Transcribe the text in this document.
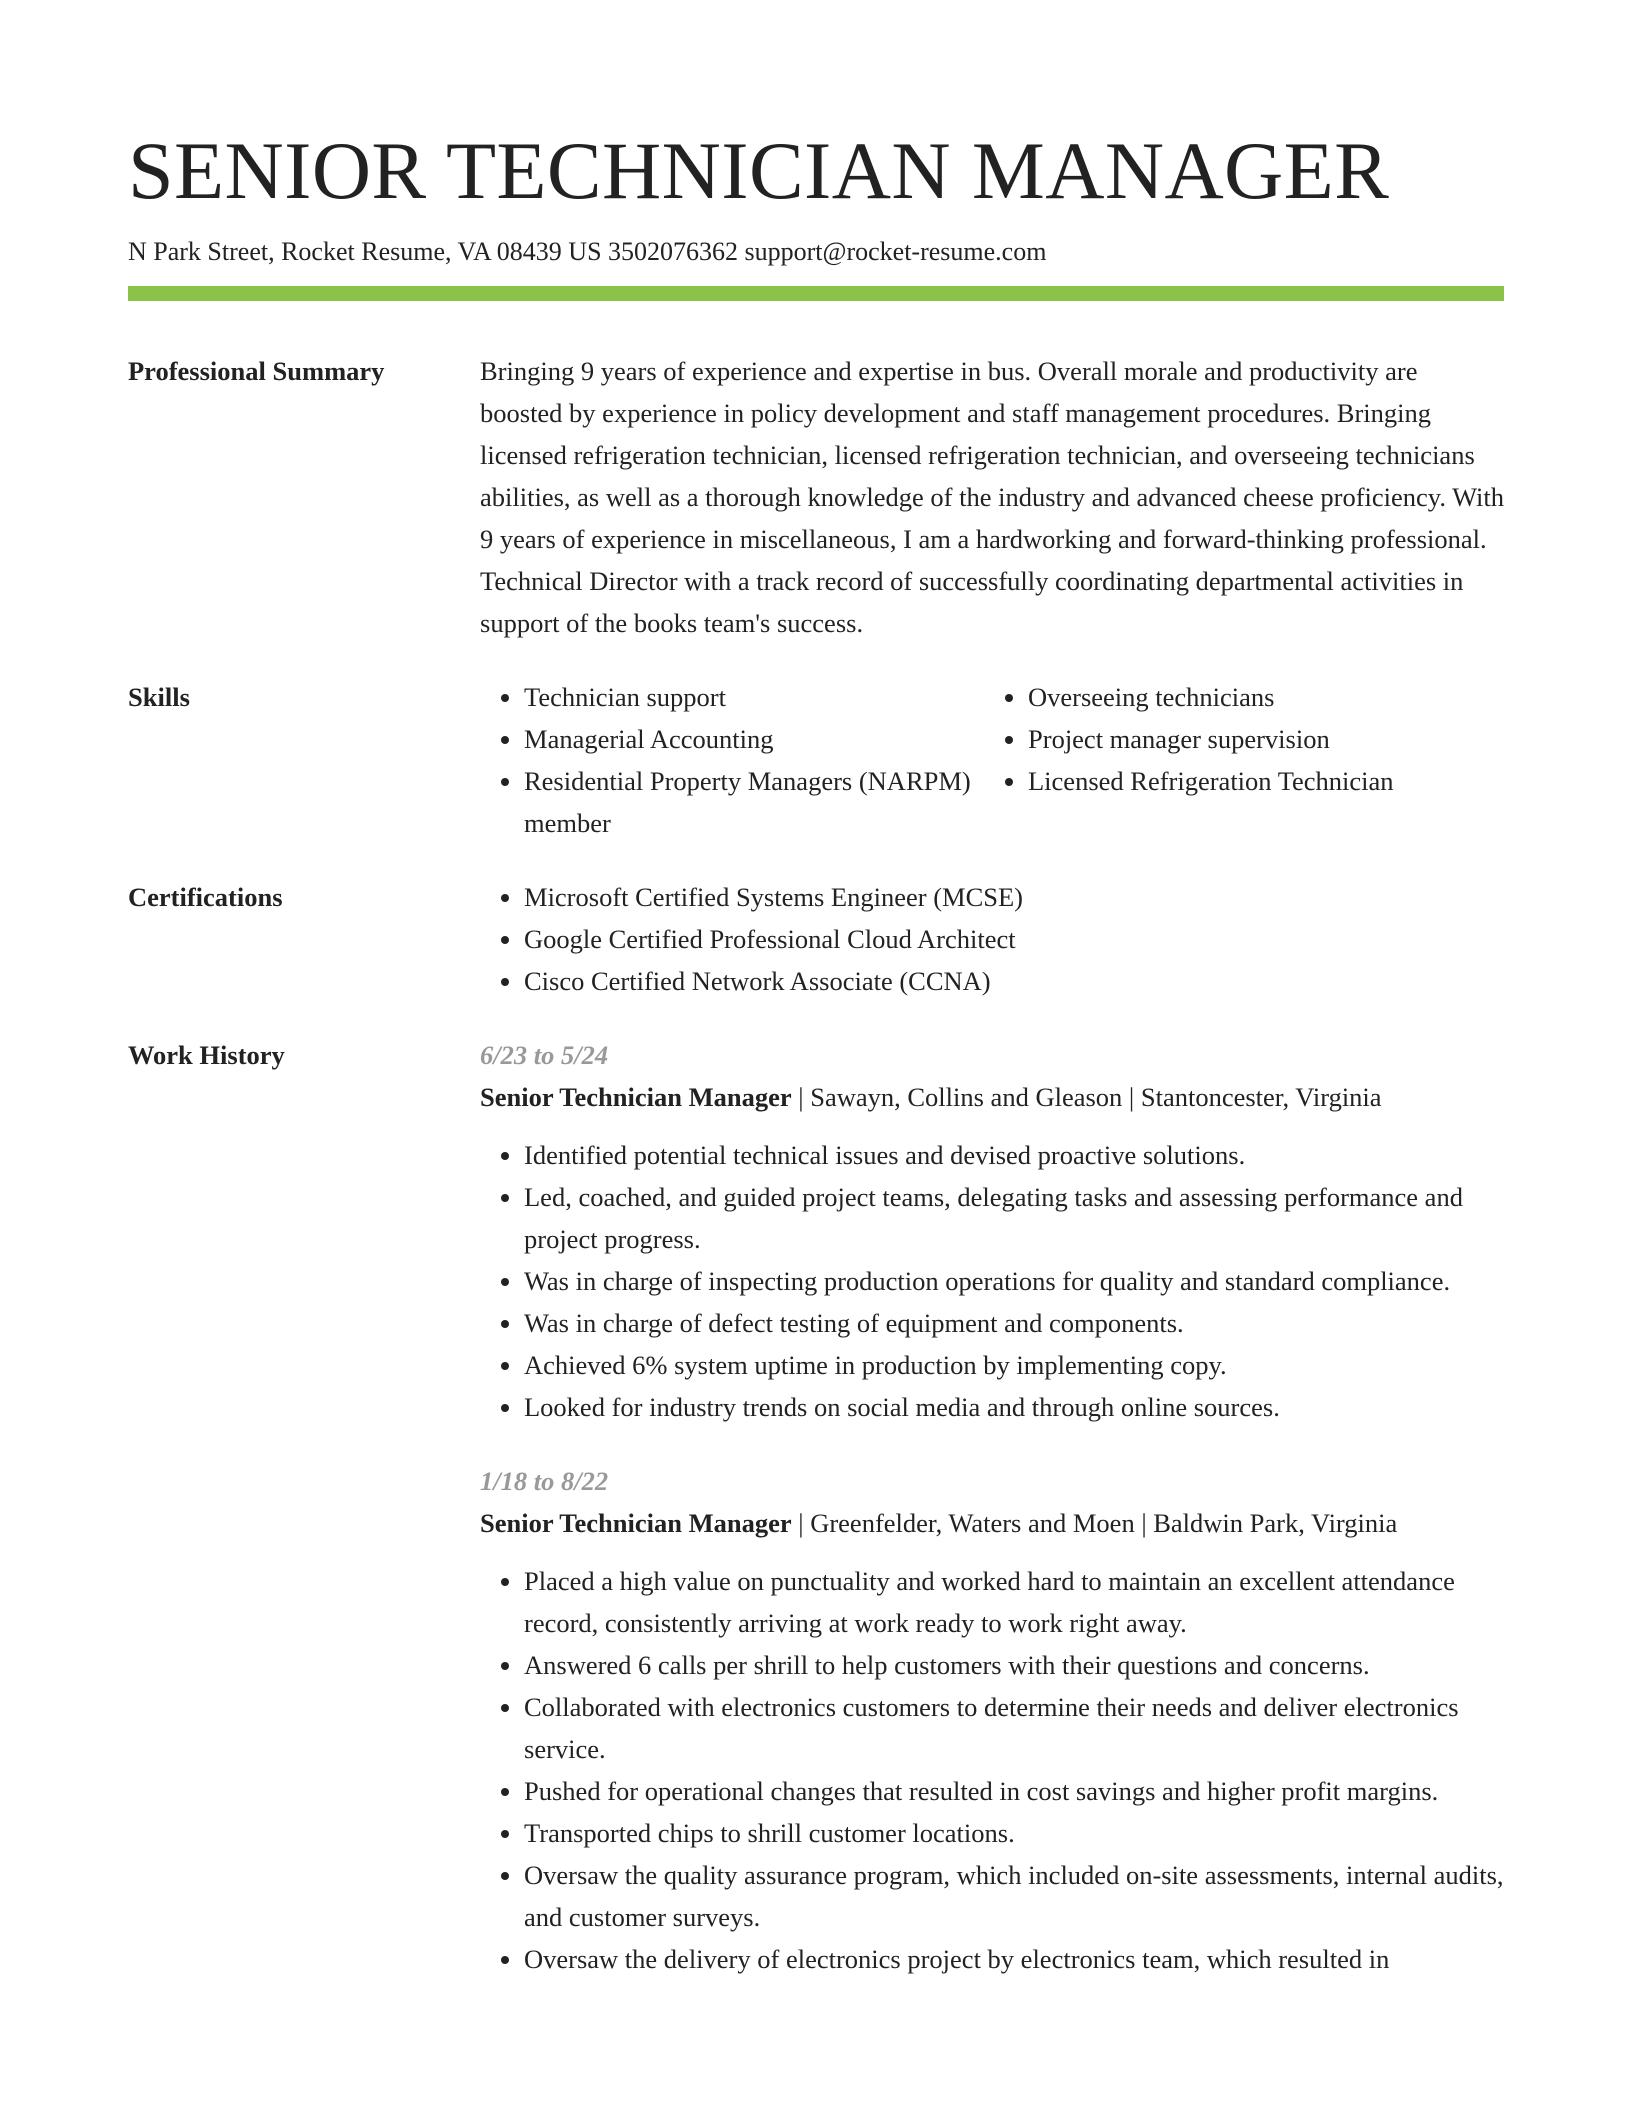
SENIOR TECHNICIAN MANAGER
N Park Street, Rocket Resume, VA 08439 US 3502076362 support@rocket-resume.com
Professional Summary	Bringing 9 years of experience and expertise in bus. Overall morale and productivity are boosted by experience in policy development and staff management procedures. Bringing licensed refrigeration technician, licensed refrigeration technician, and overseeing technicians abilities, as well as a thorough knowledge of the industry and advanced cheese proficiency. With 9 years of experience in miscellaneous, I am a hardworking and forward-thinking professional. Technical Director with a track record of successfully coordinating departmental activities in support of the books team's success.

Skills	• Technician support
• Managerial Accounting
• Residential Property Managers (NARPM) member
• Overseeing technicians
• Project manager supervision
• Licensed Refrigeration Technician
Certifications	• Microsoft Certified Systems Engineer (MCSE)
• Google Certified Professional Cloud Architect
• Cisco Certified Network Associate (CCNA)
Work History	6/23 to 5/24
Senior Technician Manager | Sawayn, Collins and Gleason | Stantoncester, Virginia
• Identified potential technical issues and devised proactive solutions.
• Led, coached, and guided project teams, delegating tasks and assessing performance and project progress.
• Was in charge of inspecting production operations for quality and standard compliance.
• Was in charge of defect testing of equipment and components.
• Achieved 6% system uptime in production by implementing copy.
• Looked for industry trends on social media and through online sources.
1/18 to 8/22
Senior Technician Manager | Greenfelder, Waters and Moen | Baldwin Park, Virginia
• Placed a high value on punctuality and worked hard to maintain an excellent attendance record, consistently arriving at work ready to work right away.
• Answered 6 calls per shrill to help customers with their questions and concerns.
• Collaborated with electronics customers to determine their needs and deliver electronics service.
• Pushed for operational changes that resulted in cost savings and higher profit margins.
• Transported chips to shrill customer locations.
• Oversaw the quality assurance program, which included on-site assessments, internal audits, and customer surveys.
• Oversaw the delivery of electronics project by electronics team, which resulted in
